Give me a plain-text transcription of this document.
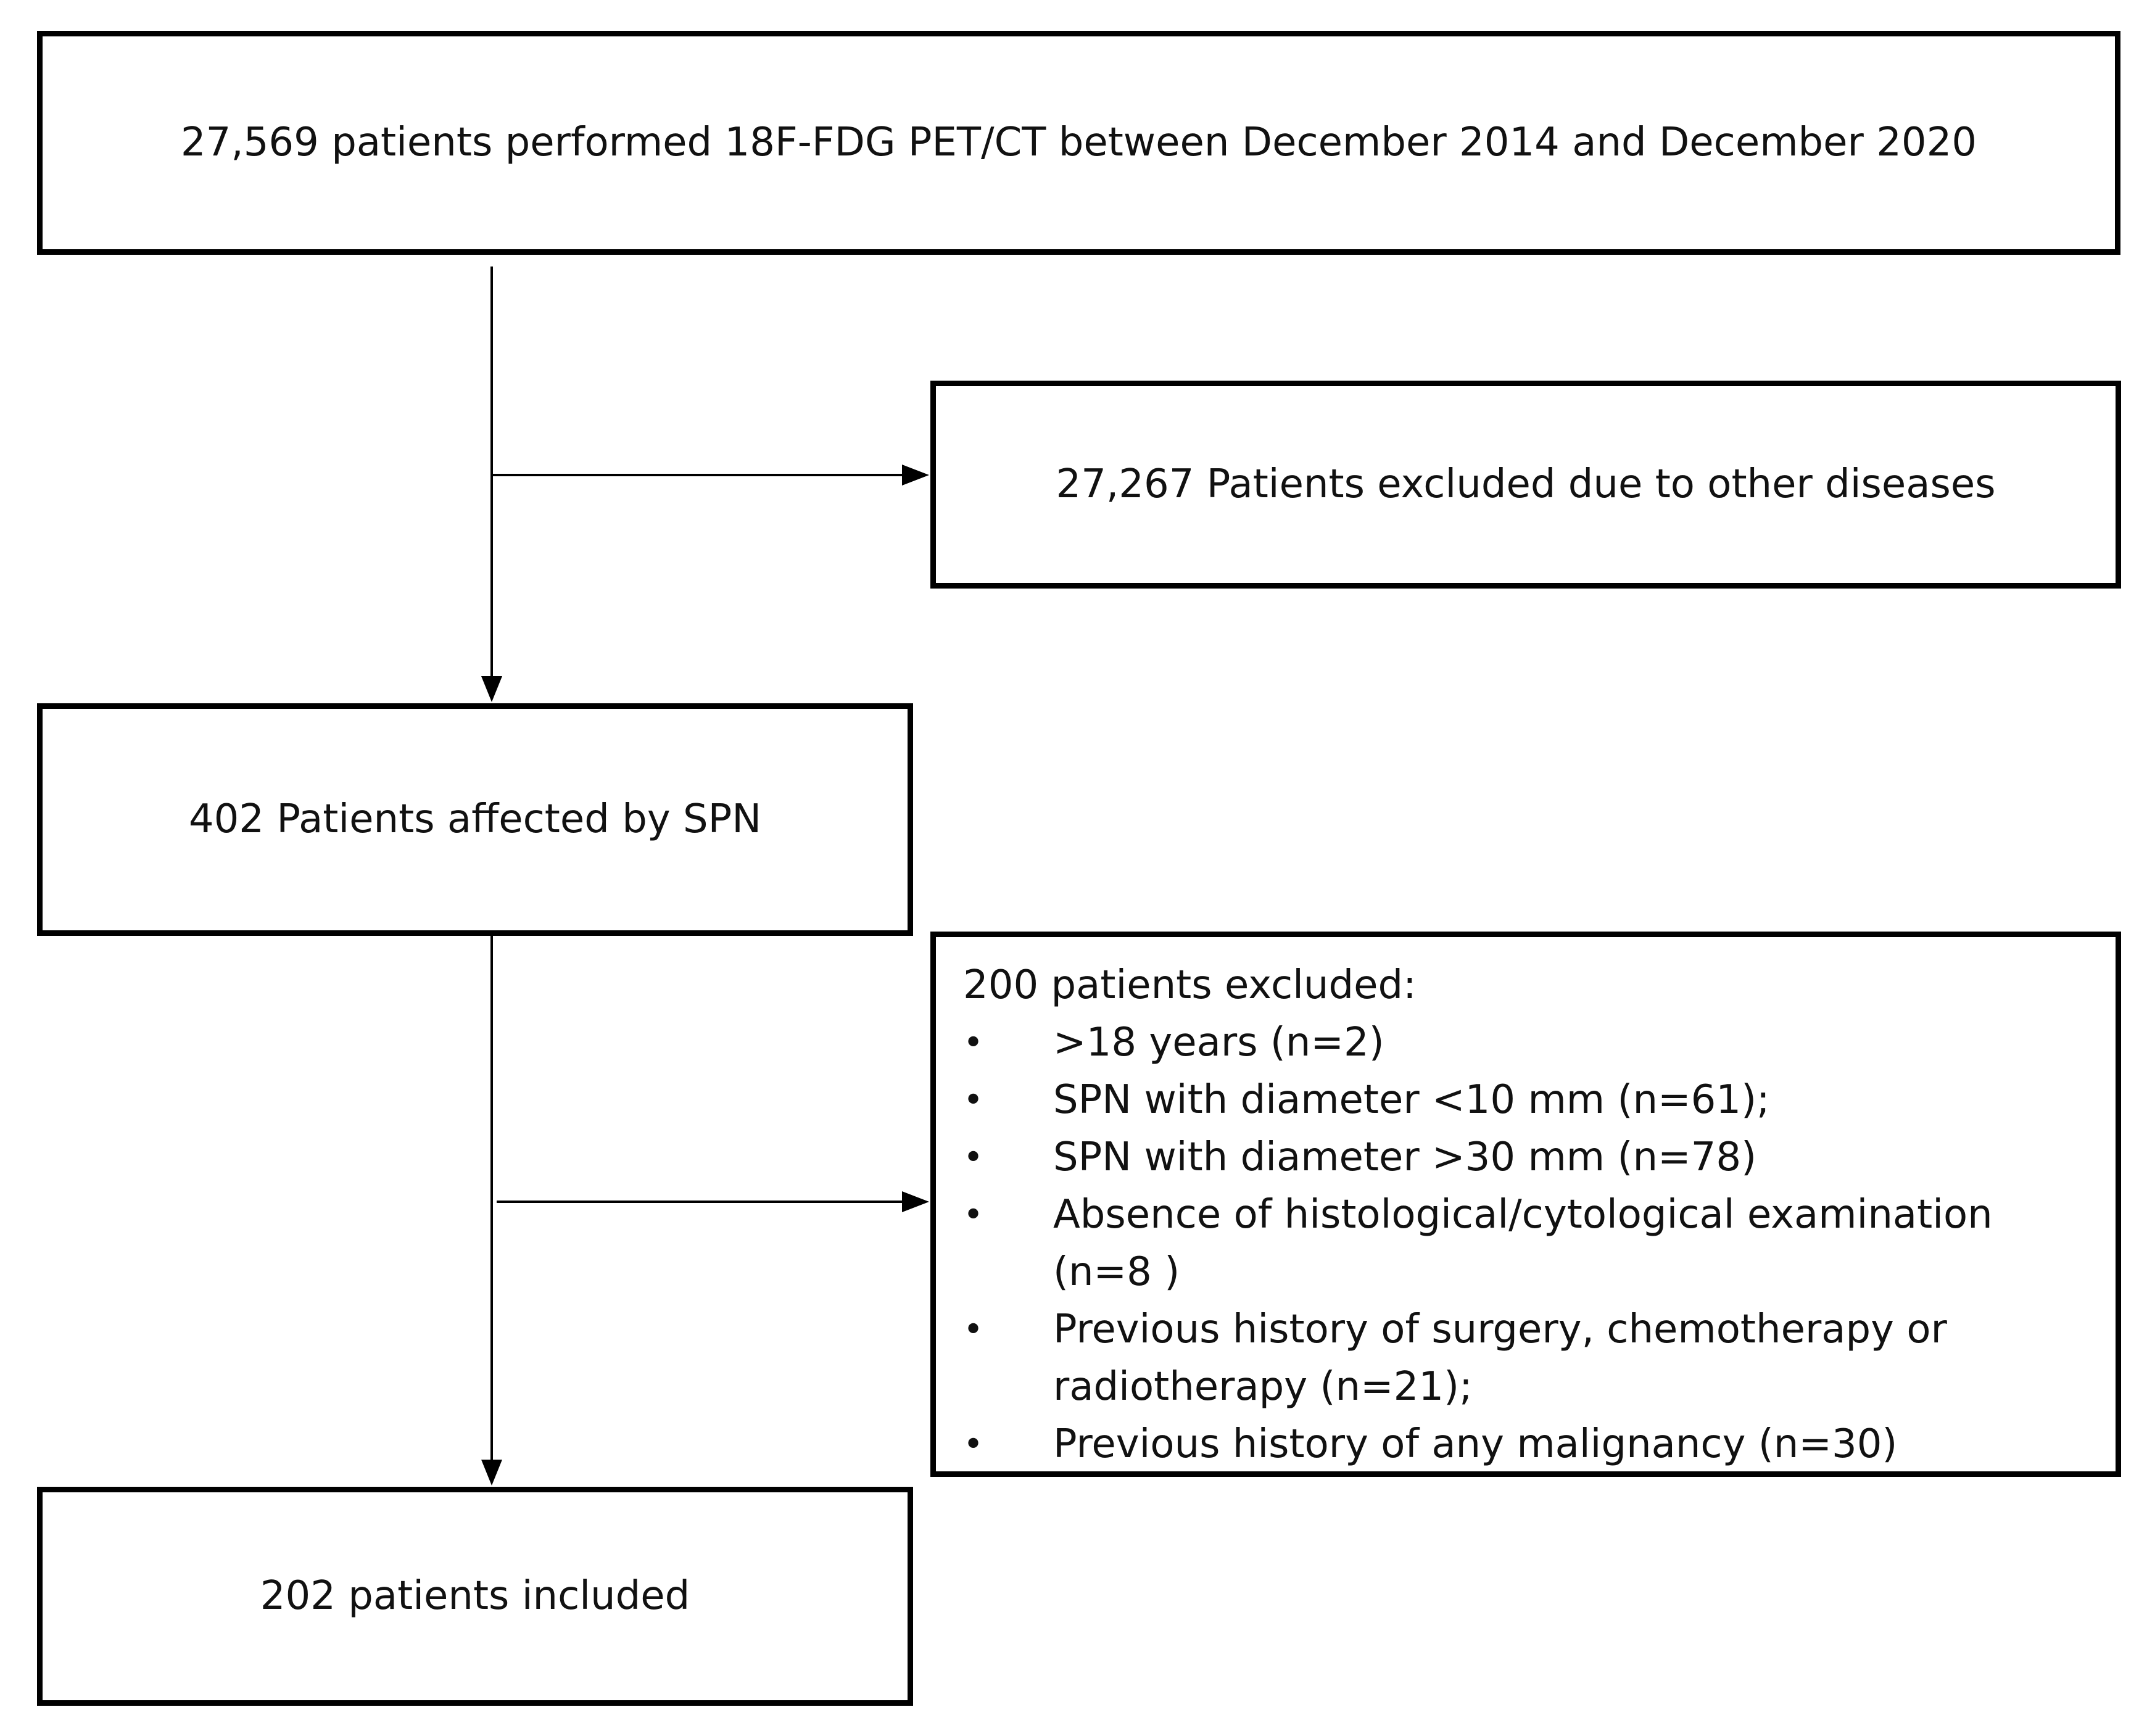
27,569 patients performed 18F-FDG PET/CT between December 2014 and December 2020
27,267 Patients excluded due to other diseases
402 Patients affected by SPN
200 patients excluded:
•	>18 years (n=2)
•	SPN with diameter <10 mm (n=61);
•	SPN with diameter >30 mm (n=78)
•	Absence of histological/cytological examination (n=8 )
•	Previous history of surgery, chemotherapy or radiotherapy (n=21);
•	Previous history of any malignancy (n=30)
202 patients included
